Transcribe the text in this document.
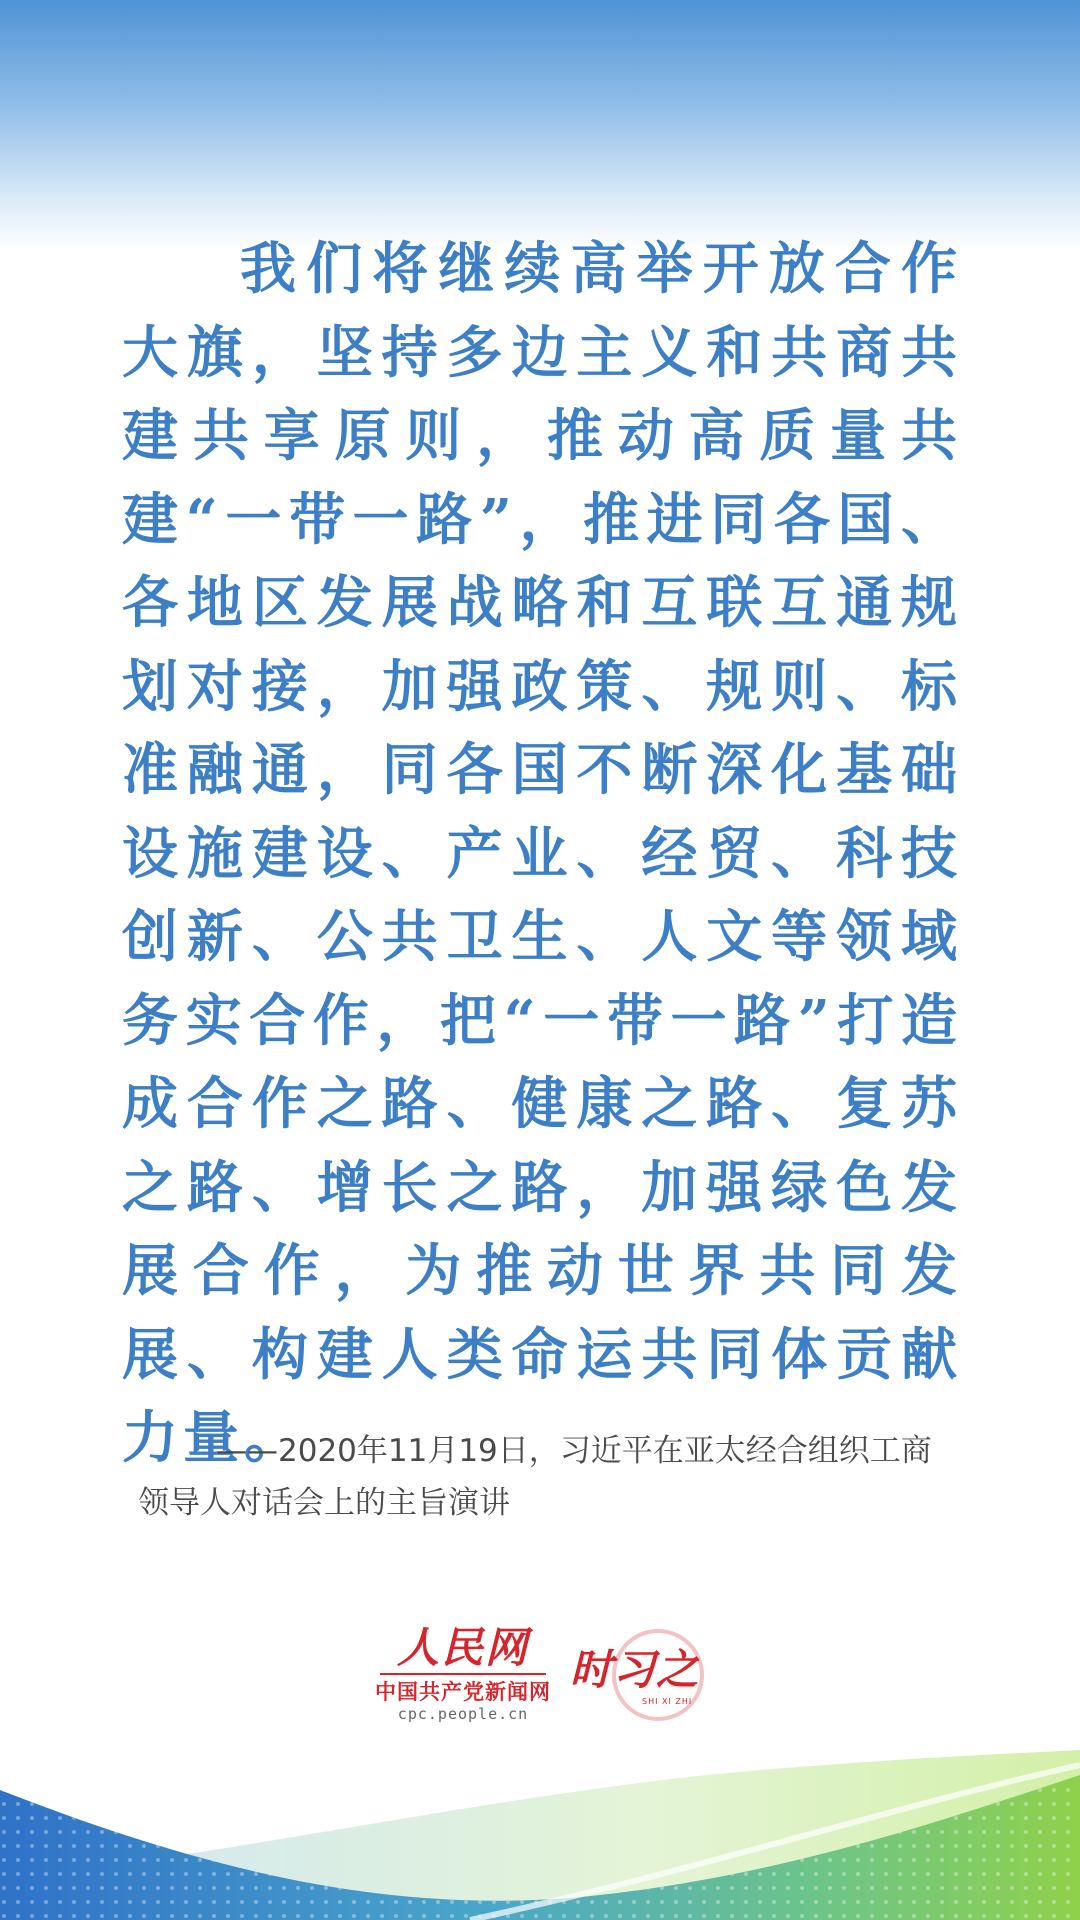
我们将继续高举开放合作大旗，坚持多边主义和共商共建共享原则，推动高质量共建“一带一路”，推进同各国、各地区发展战略和互联互通规划对接，加强政策、规则、标准融通，同各国不断深化基础设施建设、产业、经贸、科技创新、公共卫生、人文等领域务实合作，把“一带一路”打造成合作之路、健康之路、复苏之路、增长之路，加强绿色发展合作，为推动世界共同发展、构建人类命运共同体贡献力量。

——2020年11月19日，习近平在亚太经合组织工商领导人对话会上的主旨演讲

人民网
中国共产党新闻网
cpc.people.cn
时习之
SHI XI ZHI
